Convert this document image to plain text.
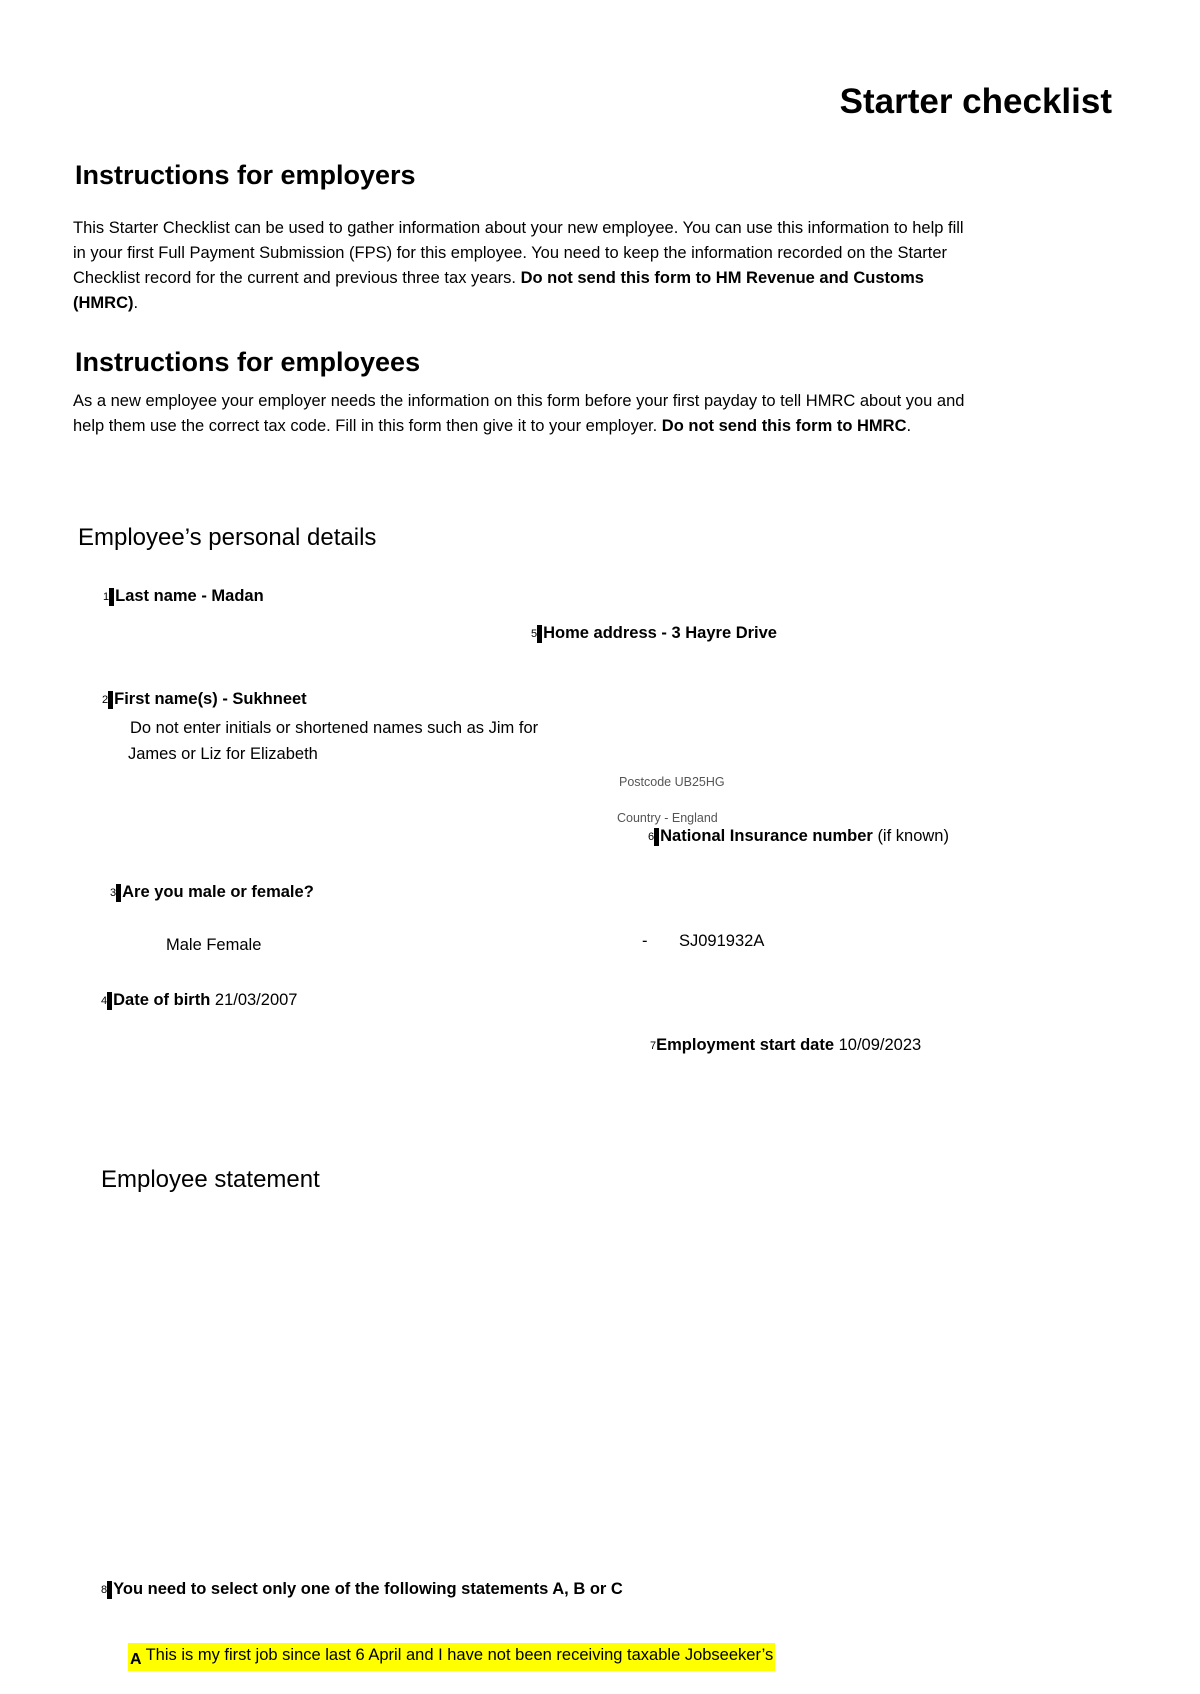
Starter checklist
Instructions for employers
This Starter Checklist can be used to gather information about your new employee. You can use this information to help fill in your first Full Payment Submission (FPS) for this employee. You need to keep the information recorded on the Starter Checklist record for the current and previous three tax years. Do not send this form to HM Revenue and Customs (HMRC).
Instructions for employees
As a new employee your employer needs the information on this form before your first payday to tell HMRC about you and help them use the correct tax code. Fill in this form then give it to your employer. Do not send this form to HMRC.
Employee’s personal details
1 Last name - Madan
5 Home address - 3 Hayre Drive
2 First name(s) - Sukhneet
Do not enter initials or shortened names such as Jim for
James or Liz for Elizabeth
Postcode UB25HG
Country - England
6 National Insurance number
(if known)
3 Are you male or female?
Male Female	- SJ091932A
4 Date of birth
21/03/2007
7 Employment start date
10/09/2023
Employee statement
8 You need to select only one of the following statements A, B or C
A This is my first job since last 6 April and I have not been receiving taxable Jobseeker’s
